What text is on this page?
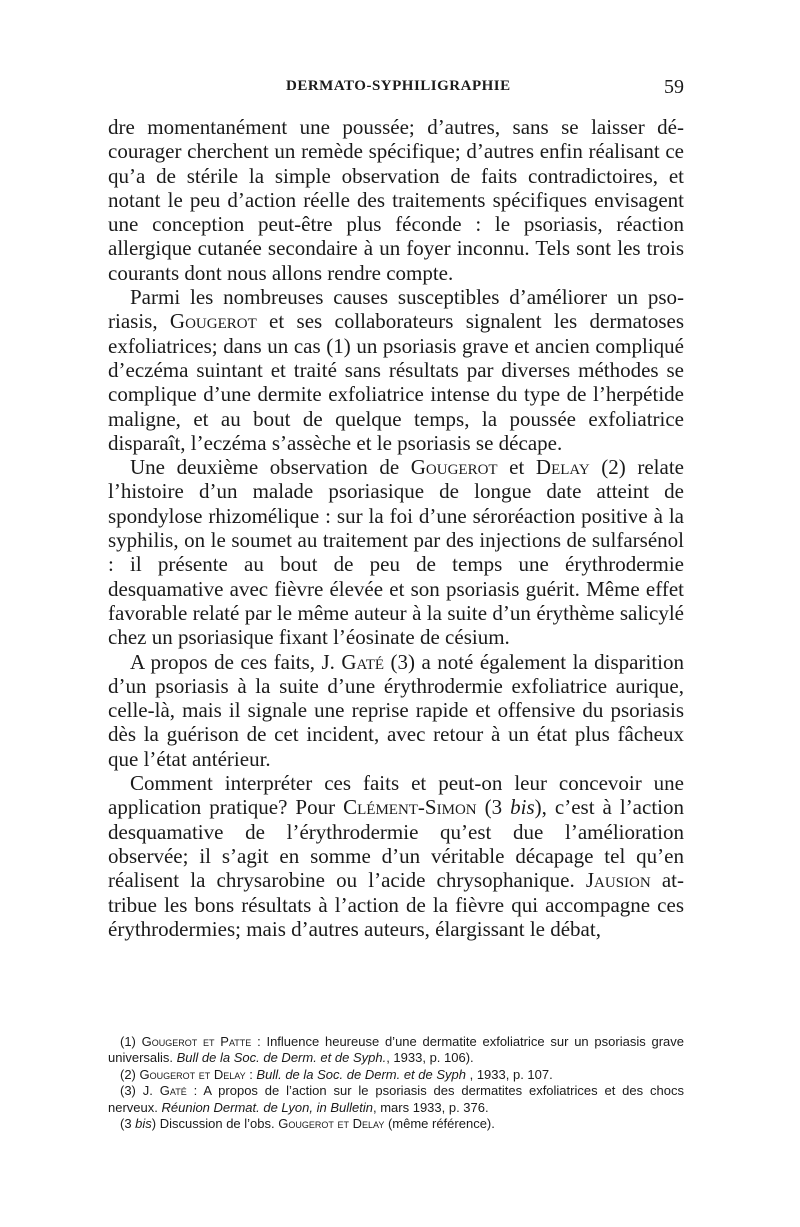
DERMATO-SYPHILIGRAPHIE	59

dre momentanément une poussée; d’autres, sans se laisser décourager cherchent un remède spécifique; d’autres enfin réalisant ce qu’a de stérile la simple observation de faits contradictoires, et notant le peu d’action réelle des traitements spécifiques envisagent une conception peut-être plus féconde : le psoriasis, réaction allergique cutanée secondaire à un foyer inconnu. Tels sont les trois courants dont nous allons rendre compte.

Parmi les nombreuses causes susceptibles d’améliorer un psoriasis, Gougerot et ses collaborateurs signalent les dermatoses exfoliatrices; dans un cas (1) un psoriasis grave et ancien compliqué d’eczéma suintant et traité sans résultats par diverses méthodes se complique d’une dermite exfoliatrice intense du type de l’herpétide maligne, et au bout de quelque temps, la poussée exfoliatrice disparaît, l’eczéma s’assèche et le psoriasis se décape.

Une deuxième observation de Gougerot et Delay (2) relate l’histoire d’un malade psoriasique de longue date atteint de spondylose rhizomélique : sur la foi d’une séroréaction positive à la syphilis, on le soumet au traitement par des injections de sulfarsénol : il présente au bout de peu de temps une érythrodermie desquamative avec fièvre élevée et son psoriasis guérit. Même effet favorable relaté par le même auteur à la suite d’un érythème salicylé chez un psoriasique fixant l’éosinate de césium.

A propos de ces faits, J. Gaté (3) a noté également la disparition d’un psoriasis à la suite d’une érythrodermie exfoliatrice aurique, celle-là, mais il signale une reprise rapide et offensive du psoriasis dès la guérison de cet incident, avec retour à un état plus fâcheux que l’état antérieur.

Comment interpréter ces faits et peut-on leur concevoir une application pratique? Pour Clément-Simon (3 bis), c’est à l’action desquamative de l’érythrodermie qu’est due l’amélioration observée; il s’agit en somme d’un véritable décapage tel qu’en réalisent la chrysarobine ou l’acide chrysophanique. Jausion attribue les bons résultats à l’action de la fièvre qui accompagne ces érythrodermies; mais d’autres auteurs, élargissant le débat,

(1) Gougerot et Patte : Influence heureuse d’une dermatite exfoliatrice sur un psoriasis grave universalis. Bull de la Soc. de Derm. et de Syph., 1933, p. 106).

(2) Gougerot et Delay : Bull. de la Soc. de Derm. et de Syph , 1933, p. 107.

(3) J. Gaté : A propos de l’action sur le psoriasis des dermatites exfoliatrices et des chocs nerveux. Réunion Dermat. de Lyon, in Bulletin, mars 1933, p. 376.

(3 bis) Discussion de l’obs. Gougerot et Delay (même référence).
